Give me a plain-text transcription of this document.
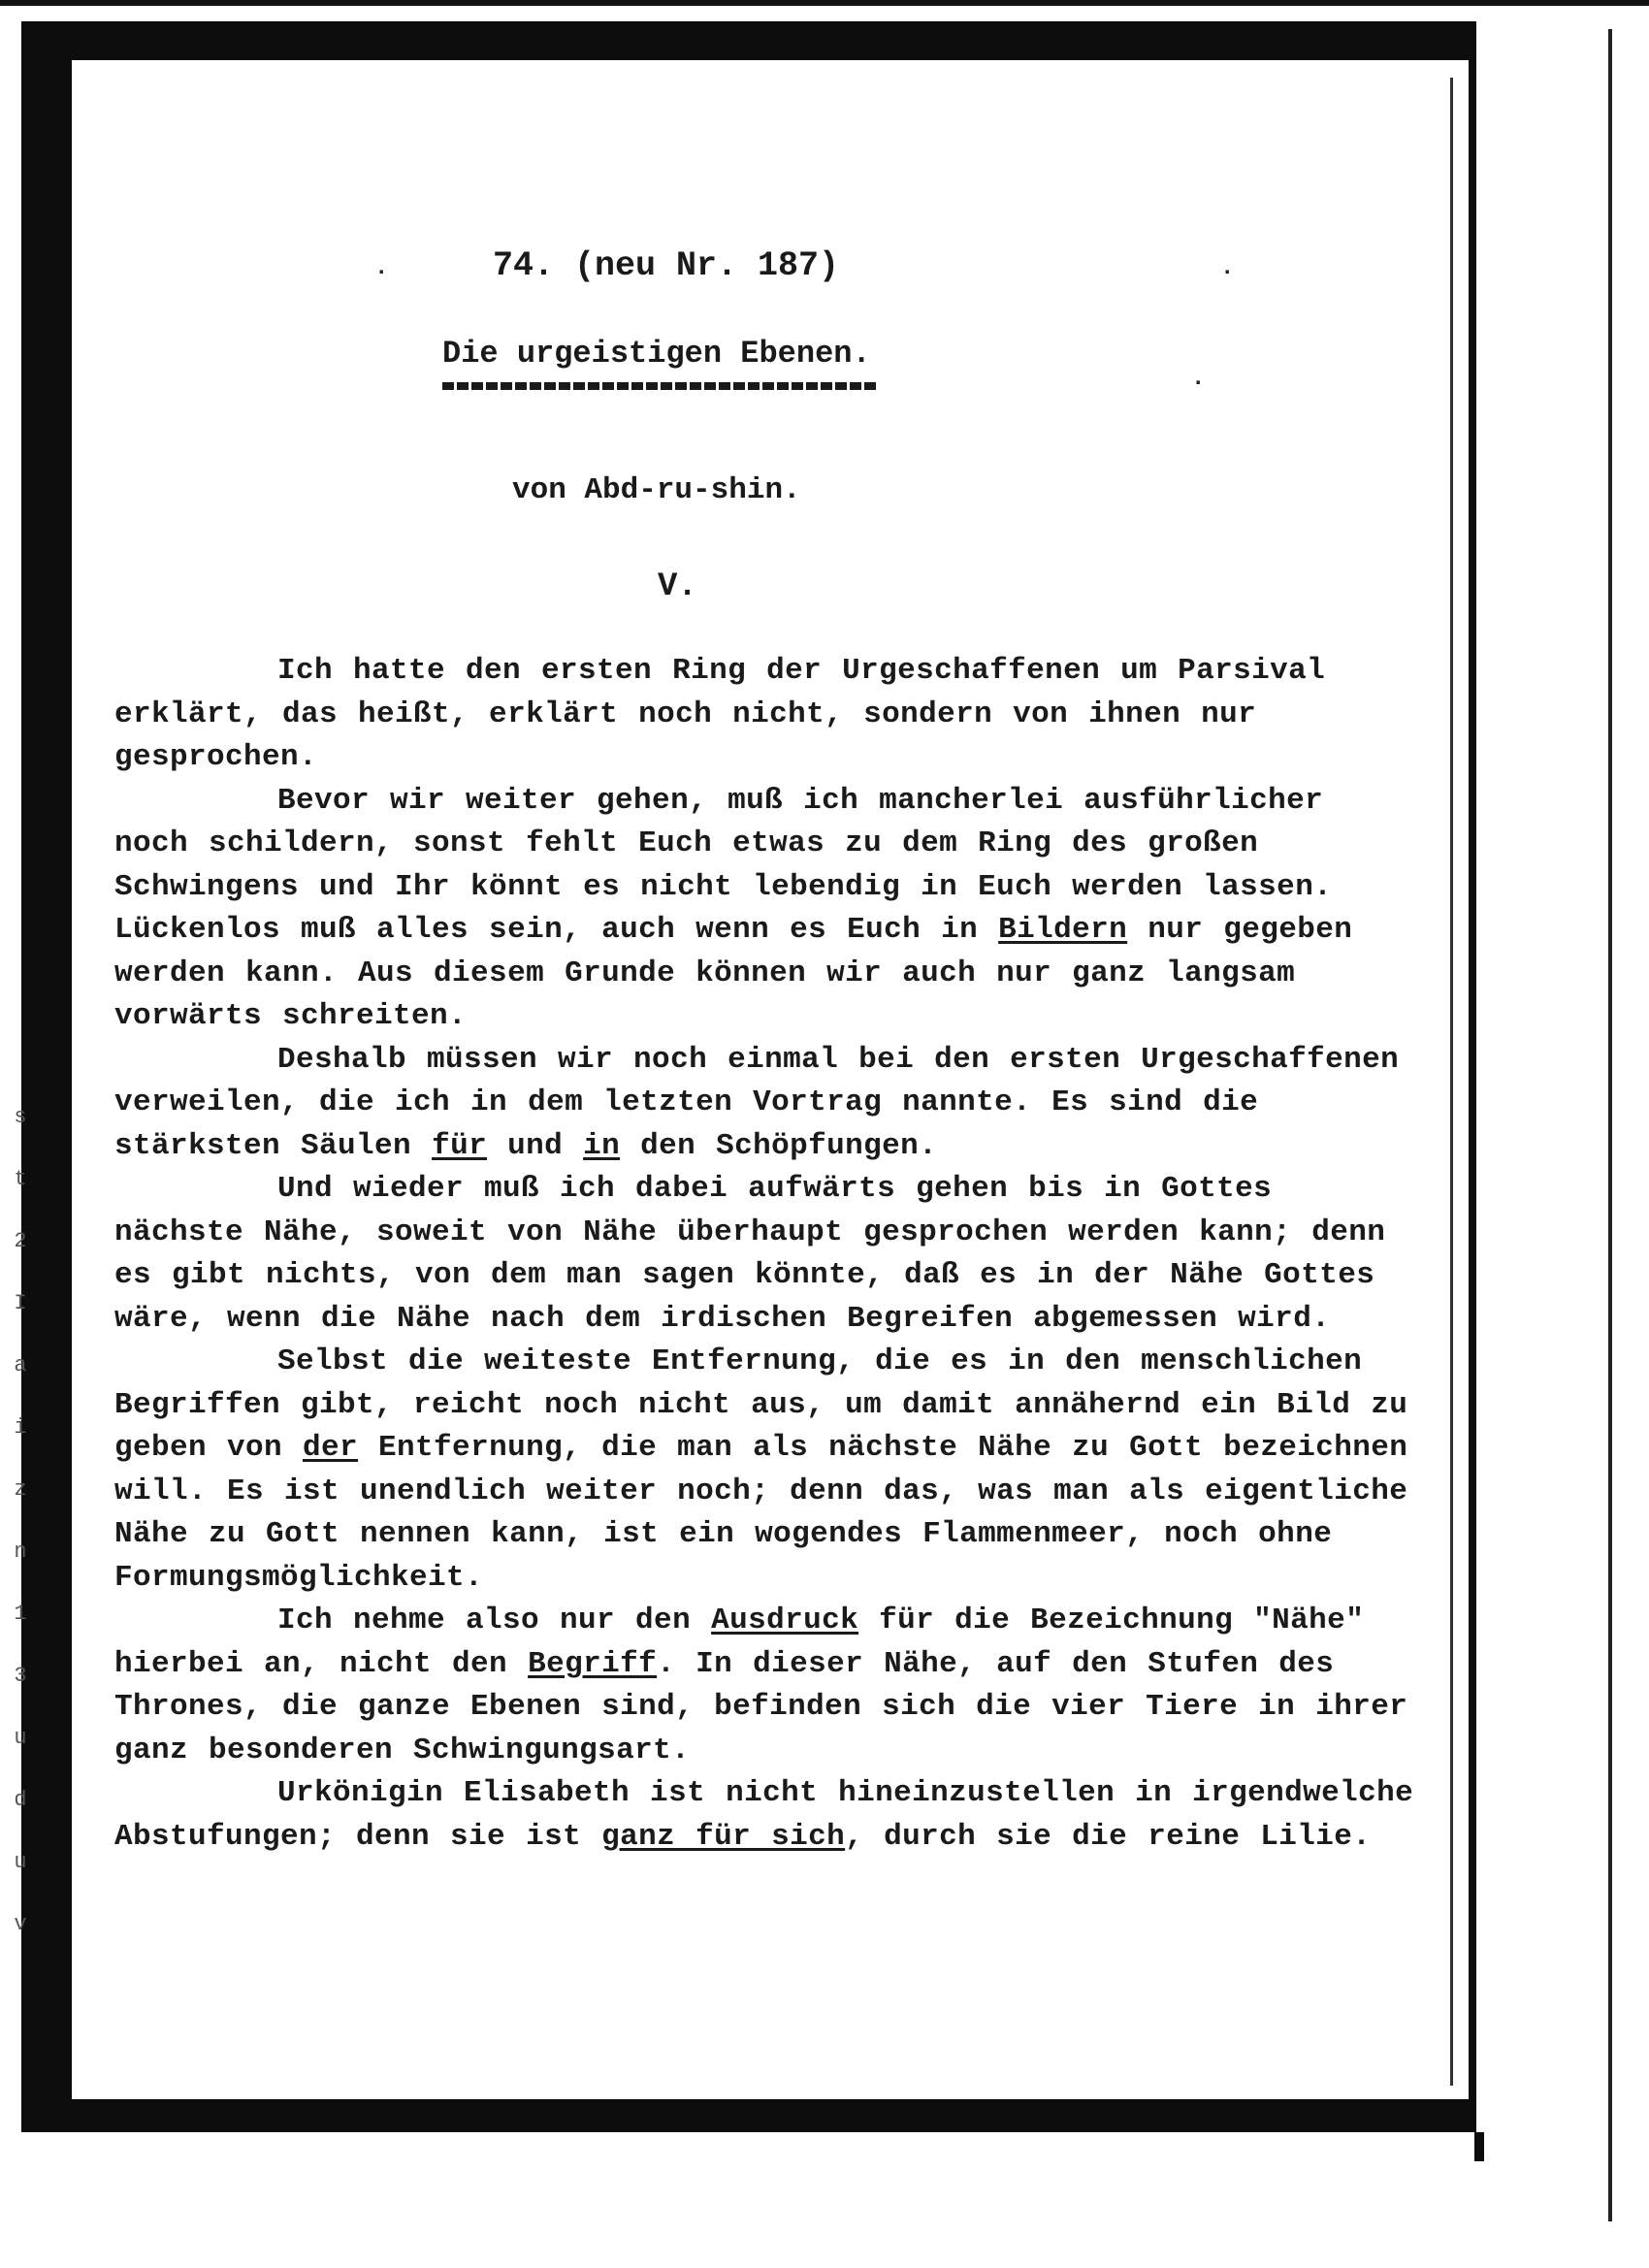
s
t
2
I
a
i
z
n
1
3
u
d
u
v

74. (neu Nr. 187)

Die urgeistigen Ebenen.

von Abd-ru-shin.

V.

Ich hatte den ersten Ring der Urgeschaffenen um Parsival erklärt, das heißt, erklärt noch nicht, sondern von ihnen nur gesprochen.

Bevor wir weiter gehen, muß ich mancherlei ausführlicher noch schildern, sonst fehlt Euch etwas zu dem Ring des großen Schwingens und Ihr könnt es nicht lebendig in Euch werden lassen. Lückenlos muß alles sein, auch wenn es Euch in Bildern nur gegeben werden kann. Aus diesem Grunde können wir auch nur ganz langsam vorwärts schreiten.

Deshalb müssen wir noch einmal bei den ersten Urgeschaffenen verweilen, die ich in dem letzten Vortrag nannte. Es sind die stärksten Säulen für und in den Schöpfungen.

Und wieder muß ich dabei aufwärts gehen bis in Gottes nächste Nähe, soweit von Nähe überhaupt gesprochen werden kann; denn es gibt nichts, von dem man sagen könnte, daß es in der Nähe Gottes wäre, wenn die Nähe nach dem irdischen Begreifen abgemessen wird.

Selbst die weiteste Entfernung, die es in den menschlichen Begriffen gibt, reicht noch nicht aus, um damit annähernd ein Bild zu geben von der Entfernung, die man als nächste Nähe zu Gott bezeichnen will. Es ist unendlich weiter noch; denn das, was man als eigentliche Nähe zu Gott nennen kann, ist ein wogendes Flammenmeer, noch ohne Formungsmöglichkeit.

Ich nehme also nur den Ausdruck für die Bezeichnung "Nähe" hierbei an, nicht den Begriff. In dieser Nähe, auf den Stufen des Thrones, die ganze Ebenen sind, befinden sich die vier Tiere in ihrer ganz besonderen Schwingungsart.

Urkönigin Elisabeth ist nicht hineinzustellen in irgendwelche Abstufungen; denn sie ist ganz für sich, durch sie die reine Lilie.

·	·
·
